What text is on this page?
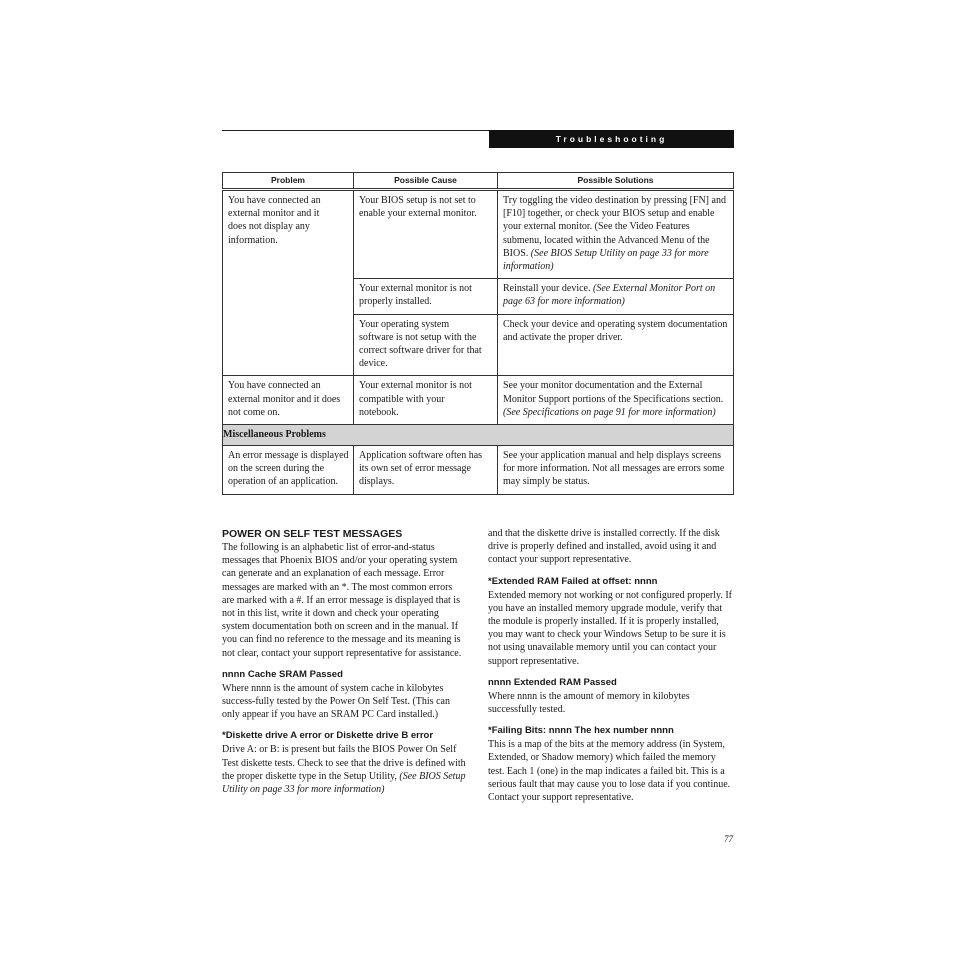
Troubleshooting
Problem	Possible Cause	Possible Solutions

You have connected an external monitor and it does not display any information.	Your BIOS setup is not set to enable your external monitor.	Try toggling the video destination by pressing [FN] and [F10] together, or check your BIOS setup and enable your external monitor. (See the Video Features submenu, located within the Advanced Menu of the BIOS. (See BIOS Setup Utility on page 33 for more information)

	Your external monitor is not properly installed.	Reinstall your device. (See External Monitor Port on page 63 for more information)

	Your operating system software is not setup with the correct software driver for that device.	Check your device and operating system documentation and activate the proper driver.

You have connected an external monitor and it does not come on.	Your external monitor is not compatible with your notebook.	See your monitor documentation and the External Monitor Support portions of the Specifications section. (See Specifications on page 91 for more information)

Miscellaneous Problems		

An error message is displayed on the screen during the operation of an application.	Application software often has its own set of error message displays.	See your application manual and help displays screens for more information. Not all messages are errors some may simply be status.
POWER ON SELF TEST MESSAGES

The following is an alphabetic list of error-and-status messages that Phoenix BIOS and/or your operating system can generate and an explanation of each message. Error messages are marked with an *. The most common errors are marked with a #. If an error message is displayed that is not in this list, write it down and check your operating system documentation both on screen and in the manual. If you can find no reference to the message and its meaning is not clear, contact your support representative for assistance.

nnnn Cache SRAM Passed

Where nnnn is the amount of system cache in kilobytes success-fully tested by the Power On Self Test. (This can only appear if you have an SRAM PC Card installed.)

*Diskette drive A error or Diskette drive B error

Drive A: or B: is present but fails the BIOS Power On Self Test diskette tests. Check to see that the drive is defined with the proper diskette type in the Setup Utility, (See BIOS Setup Utility on page 33 for more information)

and that the diskette drive is installed correctly. If the disk drive is properly defined and installed, avoid using it and contact your support representative.

*Extended RAM Failed at offset: nnnn

Extended memory not working or not configured properly. If you have an installed memory upgrade module, verify that the module is properly installed. If it is properly installed, you may want to check your Windows Setup to be sure it is not using unavailable memory until you can contact your support representative.

nnnn Extended RAM Passed

Where nnnn is the amount of memory in kilobytes successfully tested.

*Failing Bits: nnnn The hex number nnnn

This is a map of the bits at the memory address (in System, Extended, or Shadow memory) which failed the memory test. Each 1 (one) in the map indicates a failed bit. This is a serious fault that may cause you to lose data if you continue. Contact your support representative.

77
